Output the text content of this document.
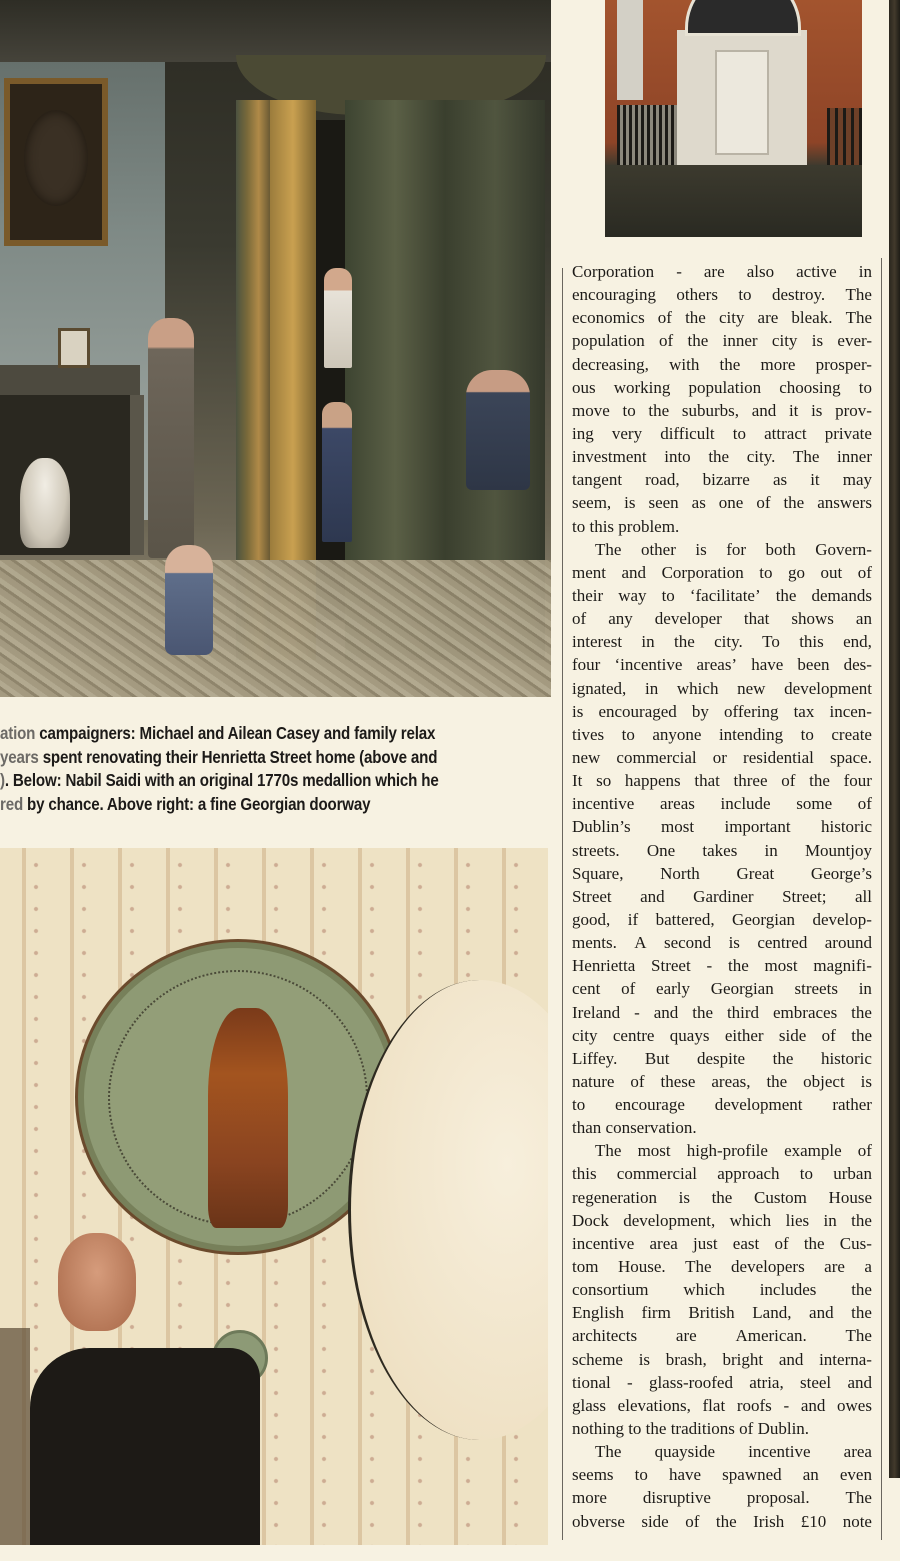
ation campaigners: Michael and Ailean Casey and family relax
years spent renovating their Henrietta Street home (above and
). Below: Nabil Saidi with an original 1770s medallion which he
red by chance. Above right: a fine Georgian doorway
Corporation - are also active in
encouraging others to destroy. The
economics of the city are bleak. The
population of the inner city is ever-
decreasing, with the more prosper-
ous working population choosing to
move to the suburbs, and it is prov-
ing very difficult to attract private
investment into the city. The inner
tangent road, bizarre as it may
seem, is seen as one of the answers
to this problem.
The other is for both Govern-
ment and Corporation to go out of
their way to ‘facilitate’ the demands
of any developer that shows an
interest in the city. To this end,
four ‘incentive areas’ have been des-
ignated, in which new development
is encouraged by offering tax incen-
tives to anyone intending to create
new commercial or residential space.
It so happens that three of the four
incentive areas include some of
Dublin’s most important historic
streets. One takes in Mountjoy
Square, North Great George’s
Street and Gardiner Street; all
good, if battered, Georgian develop-
ments. A second is centred around
Henrietta Street - the most magnifi-
cent of early Georgian streets in
Ireland - and the third embraces the
city centre quays either side of the
Liffey. But despite the historic
nature of these areas, the object is
to encourage development rather
than conservation.
The most high-profile example of
this commercial approach to urban
regeneration is the Custom House
Dock development, which lies in the
incentive area just east of the Cus-
tom House. The developers are a
consortium which includes the
English firm British Land, and the
architects are American. The
scheme is brash, bright and interna-
tional - glass-roofed atria, steel and
glass elevations, flat roofs - and owes
nothing to the traditions of Dublin.
The quayside incentive area
seems to have spawned an even
more disruptive proposal. The
obverse side of the Irish £10 note
